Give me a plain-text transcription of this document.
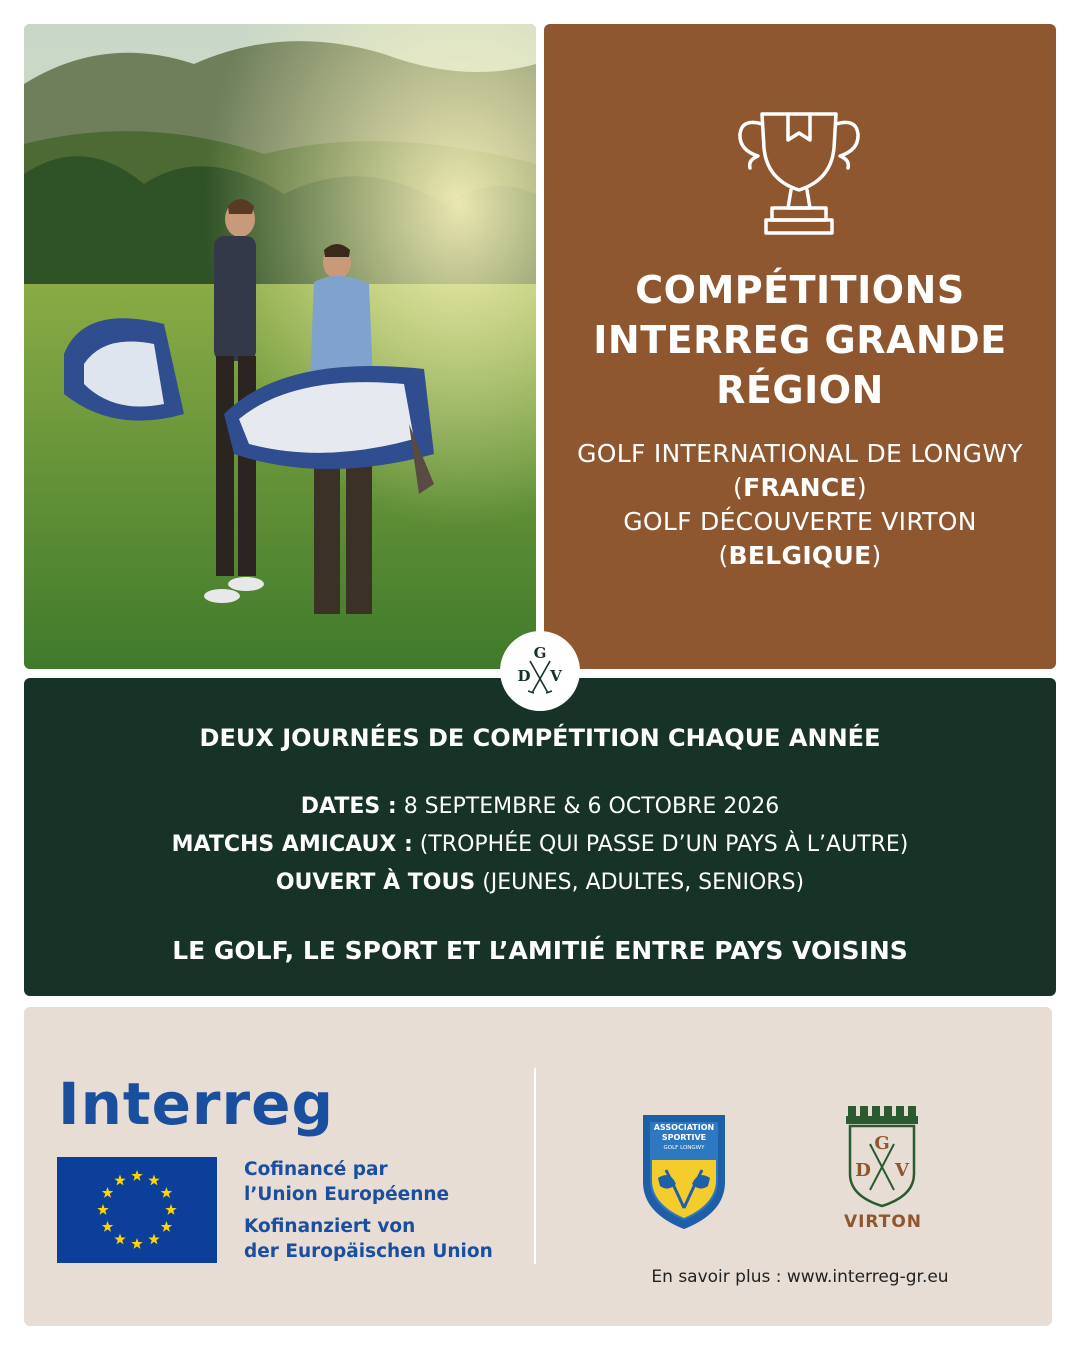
COMPÉTITIONS
INTERREG GRANDE
RÉGION
GOLF INTERNATIONAL DE LONGWY
(FRANCE)
GOLF DÉCOUVERTE VIRTON
(BELGIQUE)
G
D V
DEUX JOURNÉES DE COMPÉTITION CHAQUE ANNÉE
DATES : 8 SEPTEMBRE & 6 OCTOBRE 2026
MATCHS AMICAUX : (TROPHÉE QUI PASSE D’UN PAYS À L’AUTRE)
OUVERT À TOUS (JEUNES, ADULTES, SENIORS)
LE GOLF, LE SPORT ET L’AMITIÉ ENTRE PAYS VOISINS
Interreg
Cofinancé par
l’Union Européenne
Kofinanziert von
der Europäischen Union
ASSOCIATION
SPORTIVE
GOLF LONGWY	G
D V
VIRTON
En savoir plus : www.interreg-gr.eu
